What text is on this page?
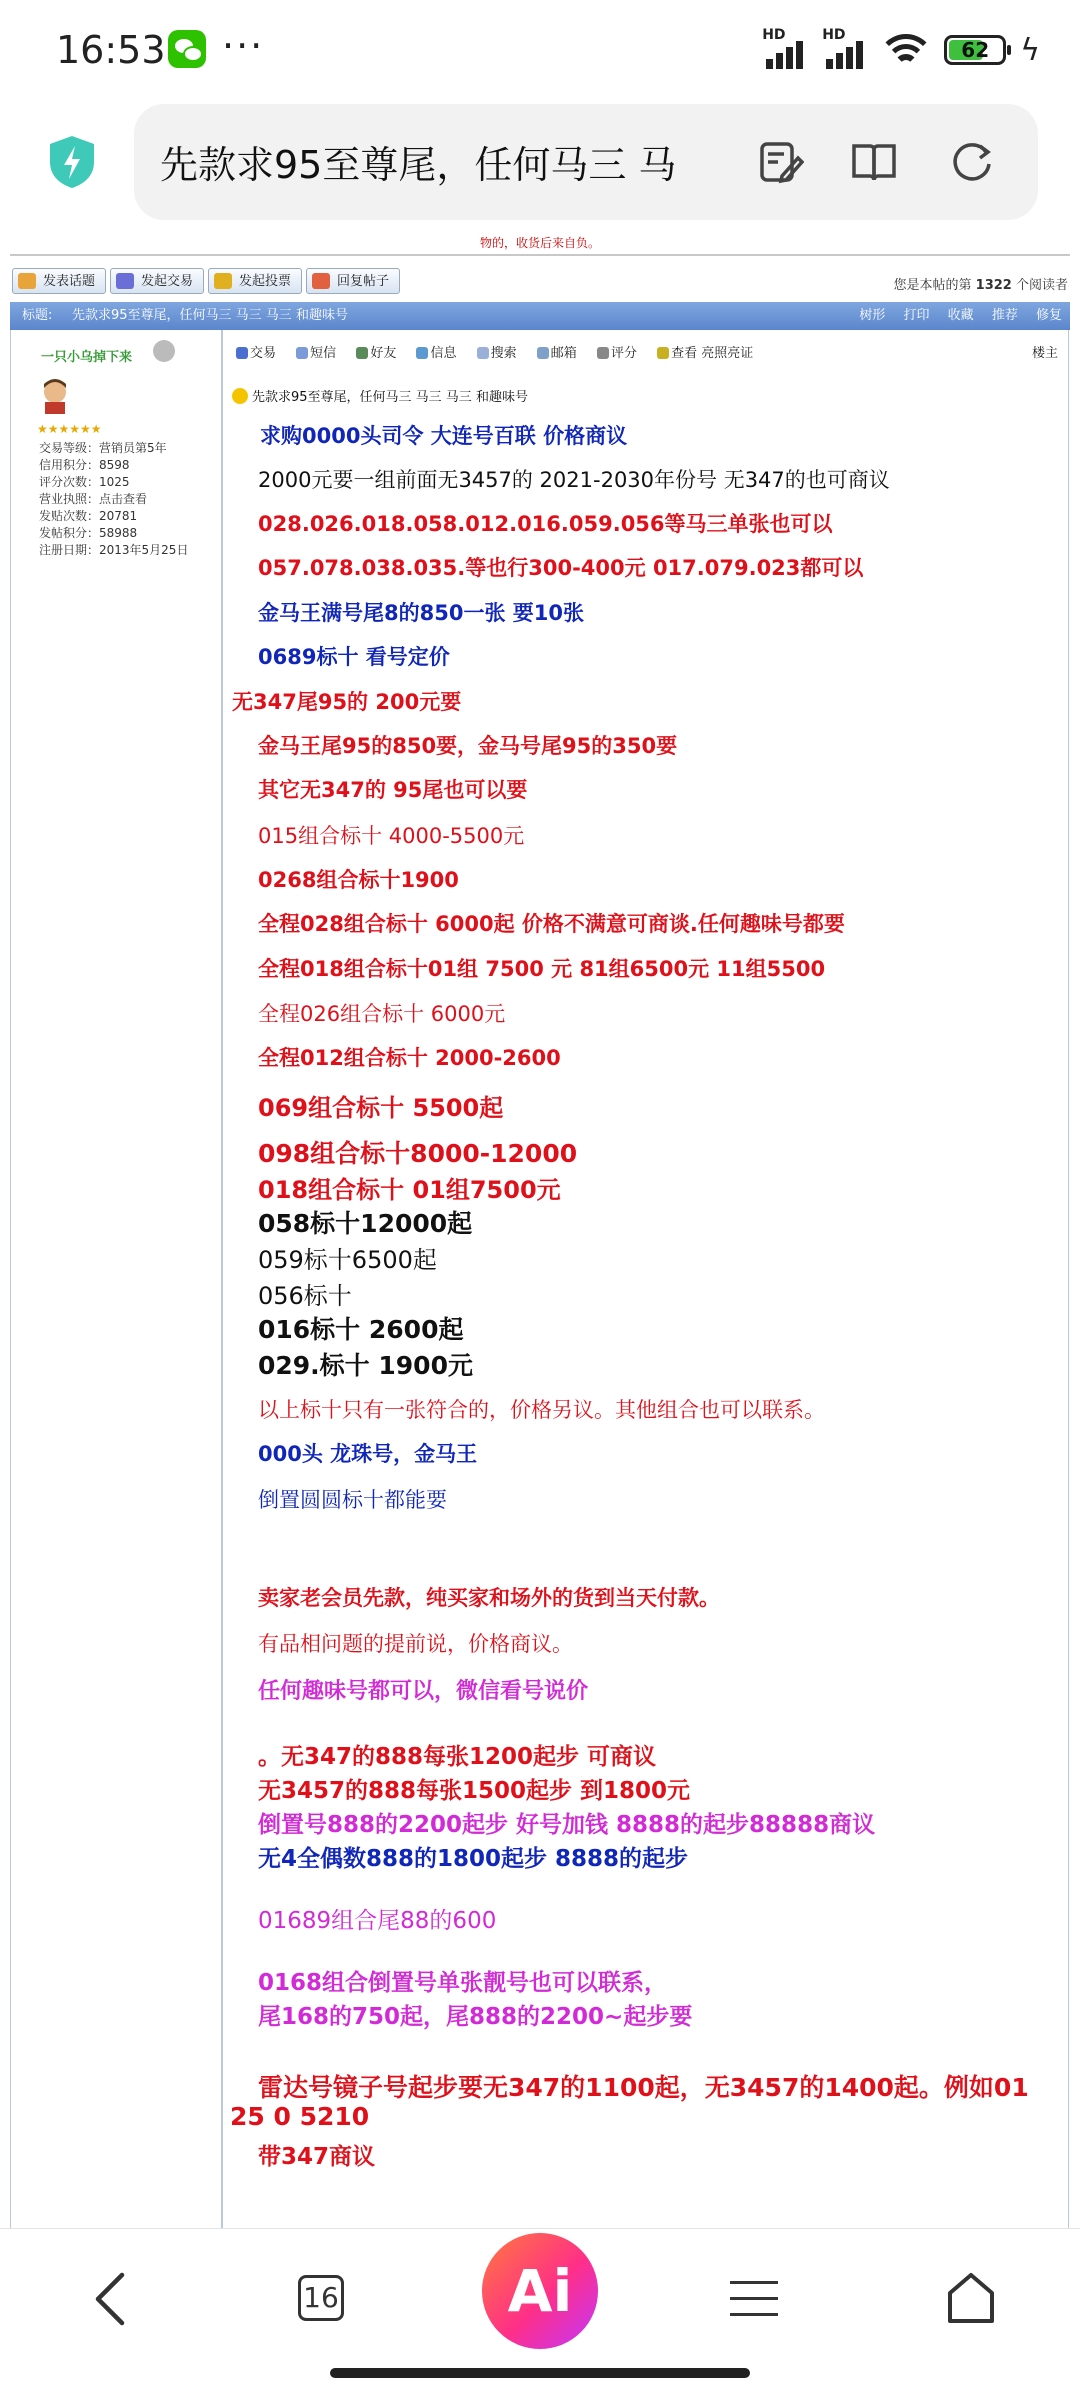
16:53 ···	HD	HD
62	ϟ
先款求95至尊尾，任何马三 马
物的，收货后来自负。
发表话题	发起交易	发起投票	回复帖子	您是本帖的第 1322 个阅读者
标题: 先款求95至尊尾，任何马三 马三 马三 和趣味号	树形 打印 收藏 推荐 修复
一只小乌掉下来
★★★★★★
交易等级：营销员第5年
信用积分：8598
评分次数：1025
营业执照：点击查看
发贴次数：20781
发帖积分：58988
注册日期：2013年5月25日
交易	短信	好友	信息	搜索	邮箱	评分	查看 亮照亮证	楼主
先款求95至尊尾，任何马三 马三 马三 和趣味号
求购0000头司令 大连号百联 价格商议
2000元要一组前面无3457的 2021-2030年份号 无347的也可商议
028.026.018.058.012.016.059.056等马三单张也可以
057.078.038.035.等也行300-400元 017.079.023都可以
金马王满号尾8的850一张 要10张
0689标十 看号定价
无347尾95的 200元要
金马王尾95的850要，金马号尾95的350要
其它无347的 95尾也可以要
015组合标十 4000-5500元
0268组合标十1900
全程028组合标十 6000起 价格不满意可商谈.任何趣味号都要
全程018组合标十01组 7500 元 81组6500元 11组5500
全程026组合标十 6000元
全程012组合标十 2000-2600
069组合标十 5500起
098组合标十8000-12000
018组合标十 01组7500元
058标十12000起
059标十6500起
056标十
016标十 2600起
029.标十 1900元
以上标十只有一张符合的，价格另议。其他组合也可以联系。
000头 龙珠号，金马王
倒置圆圆标十都能要
卖家老会员先款，纯买家和场外的货到当天付款。
有品相问题的提前说，价格商议。
任何趣味号都可以，微信看号说价
。无347的888每张1200起步 可商议
无3457的888每张1500起步 到1800元
倒置号888的2200起步 好号加钱 8888的起步88888商议
无4全偶数888的1800起步 8888的起步
01689组合尾88的600
0168组合倒置号单张靓号也可以联系，
尾168的750起，尾888的2200~起步要
雷达号镜子号起步要无347的1100起，无3457的1400起。例如01
25 0 5210
带347商议
16	Ai
